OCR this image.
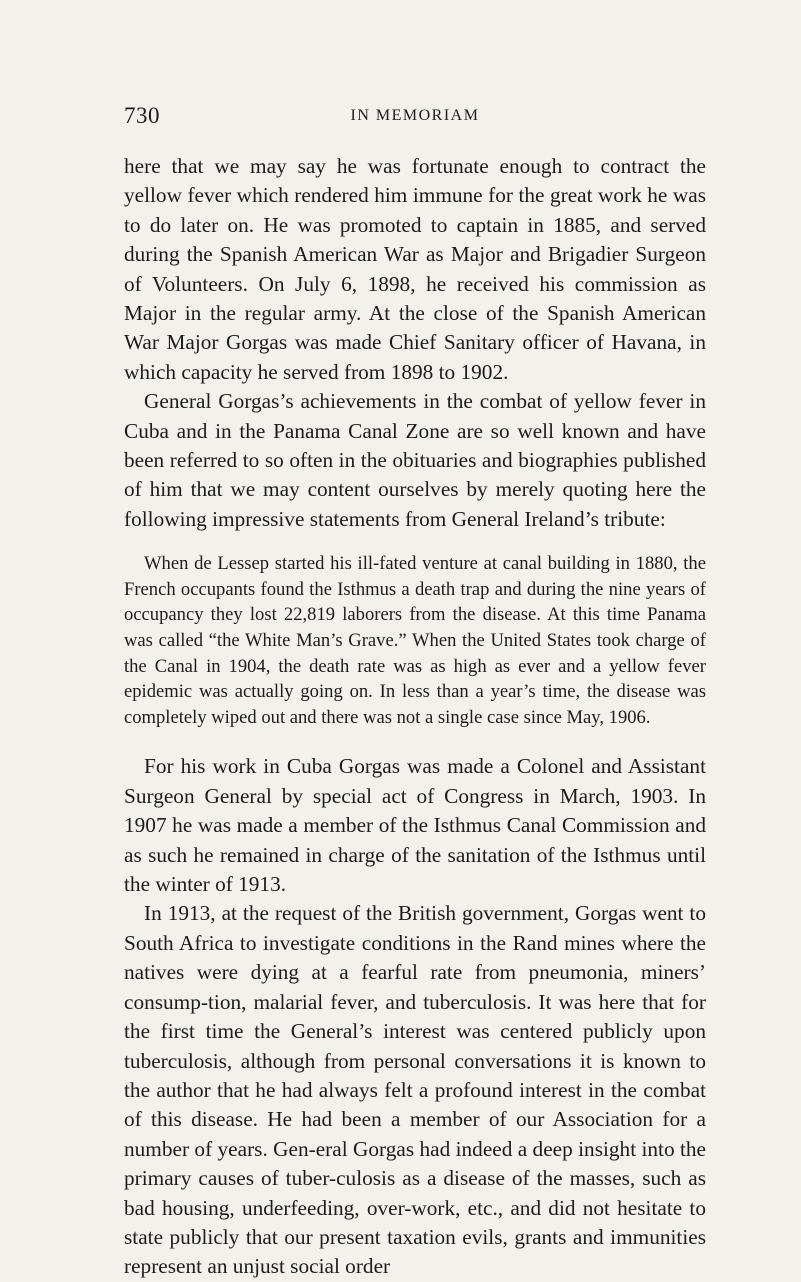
730	IN MEMORIAM

here that we may say he was fortunate enough to contract the yellow fever which rendered him immune for the great work he was to do later on. He was promoted to captain in 1885, and served during the Spanish American War as Major and Brigadier Surgeon of Volunteers. On July 6, 1898, he received his commission as Major in the regular army. At the close of the Spanish American War Major Gorgas was made Chief Sanitary officer of Havana, in which capacity he served from 1898 to 1902.

General Gorgas’s achievements in the combat of yellow fever in Cuba and in the Panama Canal Zone are so well known and have been referred to so often in the obituaries and biographies published of him that we may content ourselves by merely quoting here the following impressive statements from General Ireland’s tribute:

When de Lessep started his ill-fated venture at canal building in 1880, the French occupants found the Isthmus a death trap and during the nine years of occupancy they lost 22,819 laborers from the disease. At this time Panama was called “the White Man’s Grave.” When the United States took charge of the Canal in 1904, the death rate was as high as ever and a yellow fever epidemic was actually going on. In less than a year’s time, the disease was completely wiped out and there was not a single case since May, 1906.

For his work in Cuba Gorgas was made a Colonel and Assistant Surgeon General by special act of Congress in March, 1903. In 1907 he was made a member of the Isthmus Canal Commission and as such he remained in charge of the sanitation of the Isthmus until the winter of 1913.

In 1913, at the request of the British government, Gorgas went to South Africa to investigate conditions in the Rand mines where the natives were dying at a fearful rate from pneumonia, miners’ consump-tion, malarial fever, and tuberculosis. It was here that for the first time the General’s interest was centered publicly upon tuberculosis, although from personal conversations it is known to the author that he had always felt a profound interest in the combat of this disease. He had been a member of our Association for a number of years. Gen-eral Gorgas had indeed a deep insight into the primary causes of tuber-culosis as a disease of the masses, such as bad housing, underfeeding, over-work, etc., and did not hesitate to state publicly that our present taxation evils, grants and immunities represent an unjust social order
